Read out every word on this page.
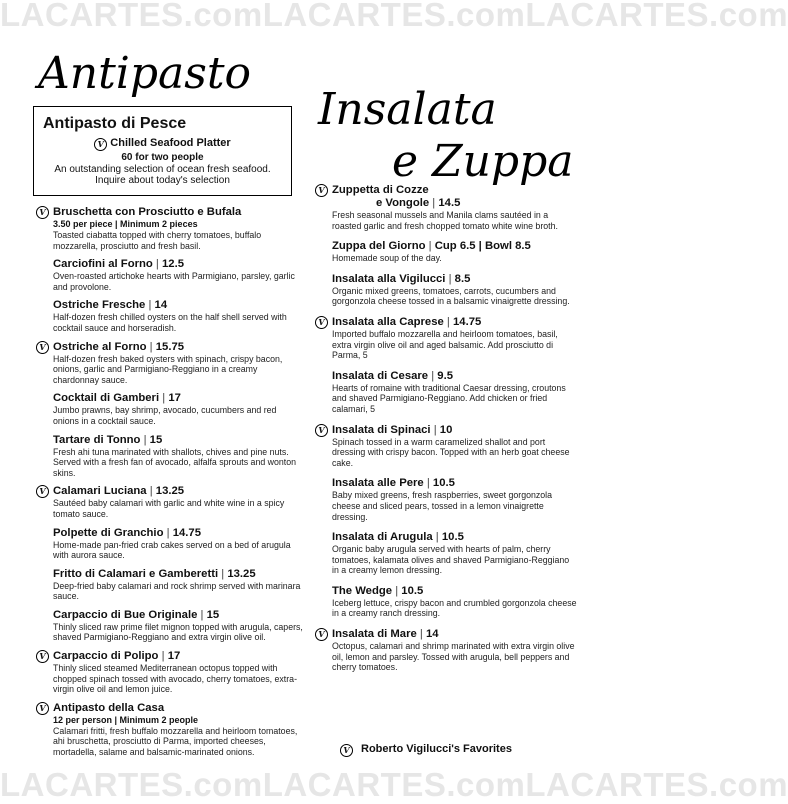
LACARTES.com LACARTES.com LACARTES.com
LACARTES.com LACARTES.com LACARTES.com
Antipasto
Insalata
e Zuppa
Antipasto di Pesce
V Chilled Seafood Platter
60 for two people
An outstanding selection of ocean fresh seafood.
Inquire about today's selection
V Bruschetta con Prosciutto e Bufala
3.50 per piece | Minimum 2 pieces
Toasted ciabatta topped with cherry tomatoes, buffalo mozzarella, prosciutto and fresh basil.
Carciofini al Forno | 12.5
Oven-roasted artichoke hearts with Parmigiano, parsley, garlic and provolone.
Ostriche Fresche | 14
Half-dozen fresh chilled oysters on the half shell served with cocktail sauce and horseradish.
V Ostriche al Forno | 15.75
Half-dozen fresh baked oysters with spinach, crispy bacon, onions, garlic and Parmigiano-Reggiano in a creamy chardonnay sauce.
Cocktail di Gamberi | 17
Jumbo prawns, bay shrimp, avocado, cucumbers and red onions in a cocktail sauce.
Tartare di Tonno | 15
Fresh ahi tuna marinated with shallots, chives and pine nuts. Served with a fresh fan of avocado, alfalfa sprouts and wonton skins.
V Calamari Luciana | 13.25
Sautéed baby calamari with garlic and white wine in a spicy tomato sauce.
Polpette di Granchio | 14.75
Home-made pan-fried crab cakes served on a bed of arugula with aurora sauce.
Fritto di Calamari e Gamberetti | 13.25
Deep-fried baby calamari and rock shrimp served with marinara sauce.
Carpaccio di Bue Originale | 15
Thinly sliced raw prime filet mignon topped with arugula, capers, shaved Parmigiano-Reggiano and extra virgin olive oil.
V Carpaccio di Polipo | 17
Thinly sliced steamed Mediterranean octopus topped with chopped spinach tossed with avocado, cherry tomatoes, extra-virgin olive oil and lemon juice.
V Antipasto della Casa
12 per person | Minimum 2 people
Calamari fritti, fresh buffalo mozzarella and heirloom tomatoes, ahi bruschetta, prosciutto di Parma, imported cheeses, mortadella, salame and balsamic-marinated onions.
V Zuppetta di Cozze
e Vongole | 14.5
Fresh seasonal mussels and Manila clams sautéed in a roasted garlic and fresh chopped tomato white wine broth.
Zuppa del Giorno | Cup 6.5 | Bowl 8.5
Homemade soup of the day.
Insalata alla Vigilucci | 8.5
Organic mixed greens, tomatoes, carrots, cucumbers and gorgonzola cheese tossed in a balsamic vinaigrette dressing.
V Insalata alla Caprese | 14.75
Imported buffalo mozzarella and heirloom tomatoes, basil, extra virgin olive oil and aged balsamic. Add prosciutto di Parma, 5
Insalata di Cesare | 9.5
Hearts of romaine with traditional Caesar dressing, croutons and shaved Parmigiano-Reggiano. Add chicken or fried calamari, 5
V Insalata di Spinaci | 10
Spinach tossed in a warm caramelized shallot and port dressing with crispy bacon. Topped with an herb goat cheese cake.
Insalata alle Pere | 10.5
Baby mixed greens, fresh raspberries, sweet gorgonzola cheese and sliced pears, tossed in a lemon vinaigrette dressing.
Insalata di Arugula | 10.5
Organic baby arugula served with hearts of palm, cherry tomatoes, kalamata olives and shaved Parmigiano-Reggiano in a creamy lemon dressing.
The Wedge | 10.5
Iceberg lettuce, crispy bacon and crumbled gorgonzola cheese in a creamy ranch dressing.
V Insalata di Mare | 14
Octopus, calamari and shrimp marinated with extra virgin olive oil, lemon and parsley. Tossed with arugula, bell peppers and cherry tomatoes.
V Roberto Vigilucci's Favorites
